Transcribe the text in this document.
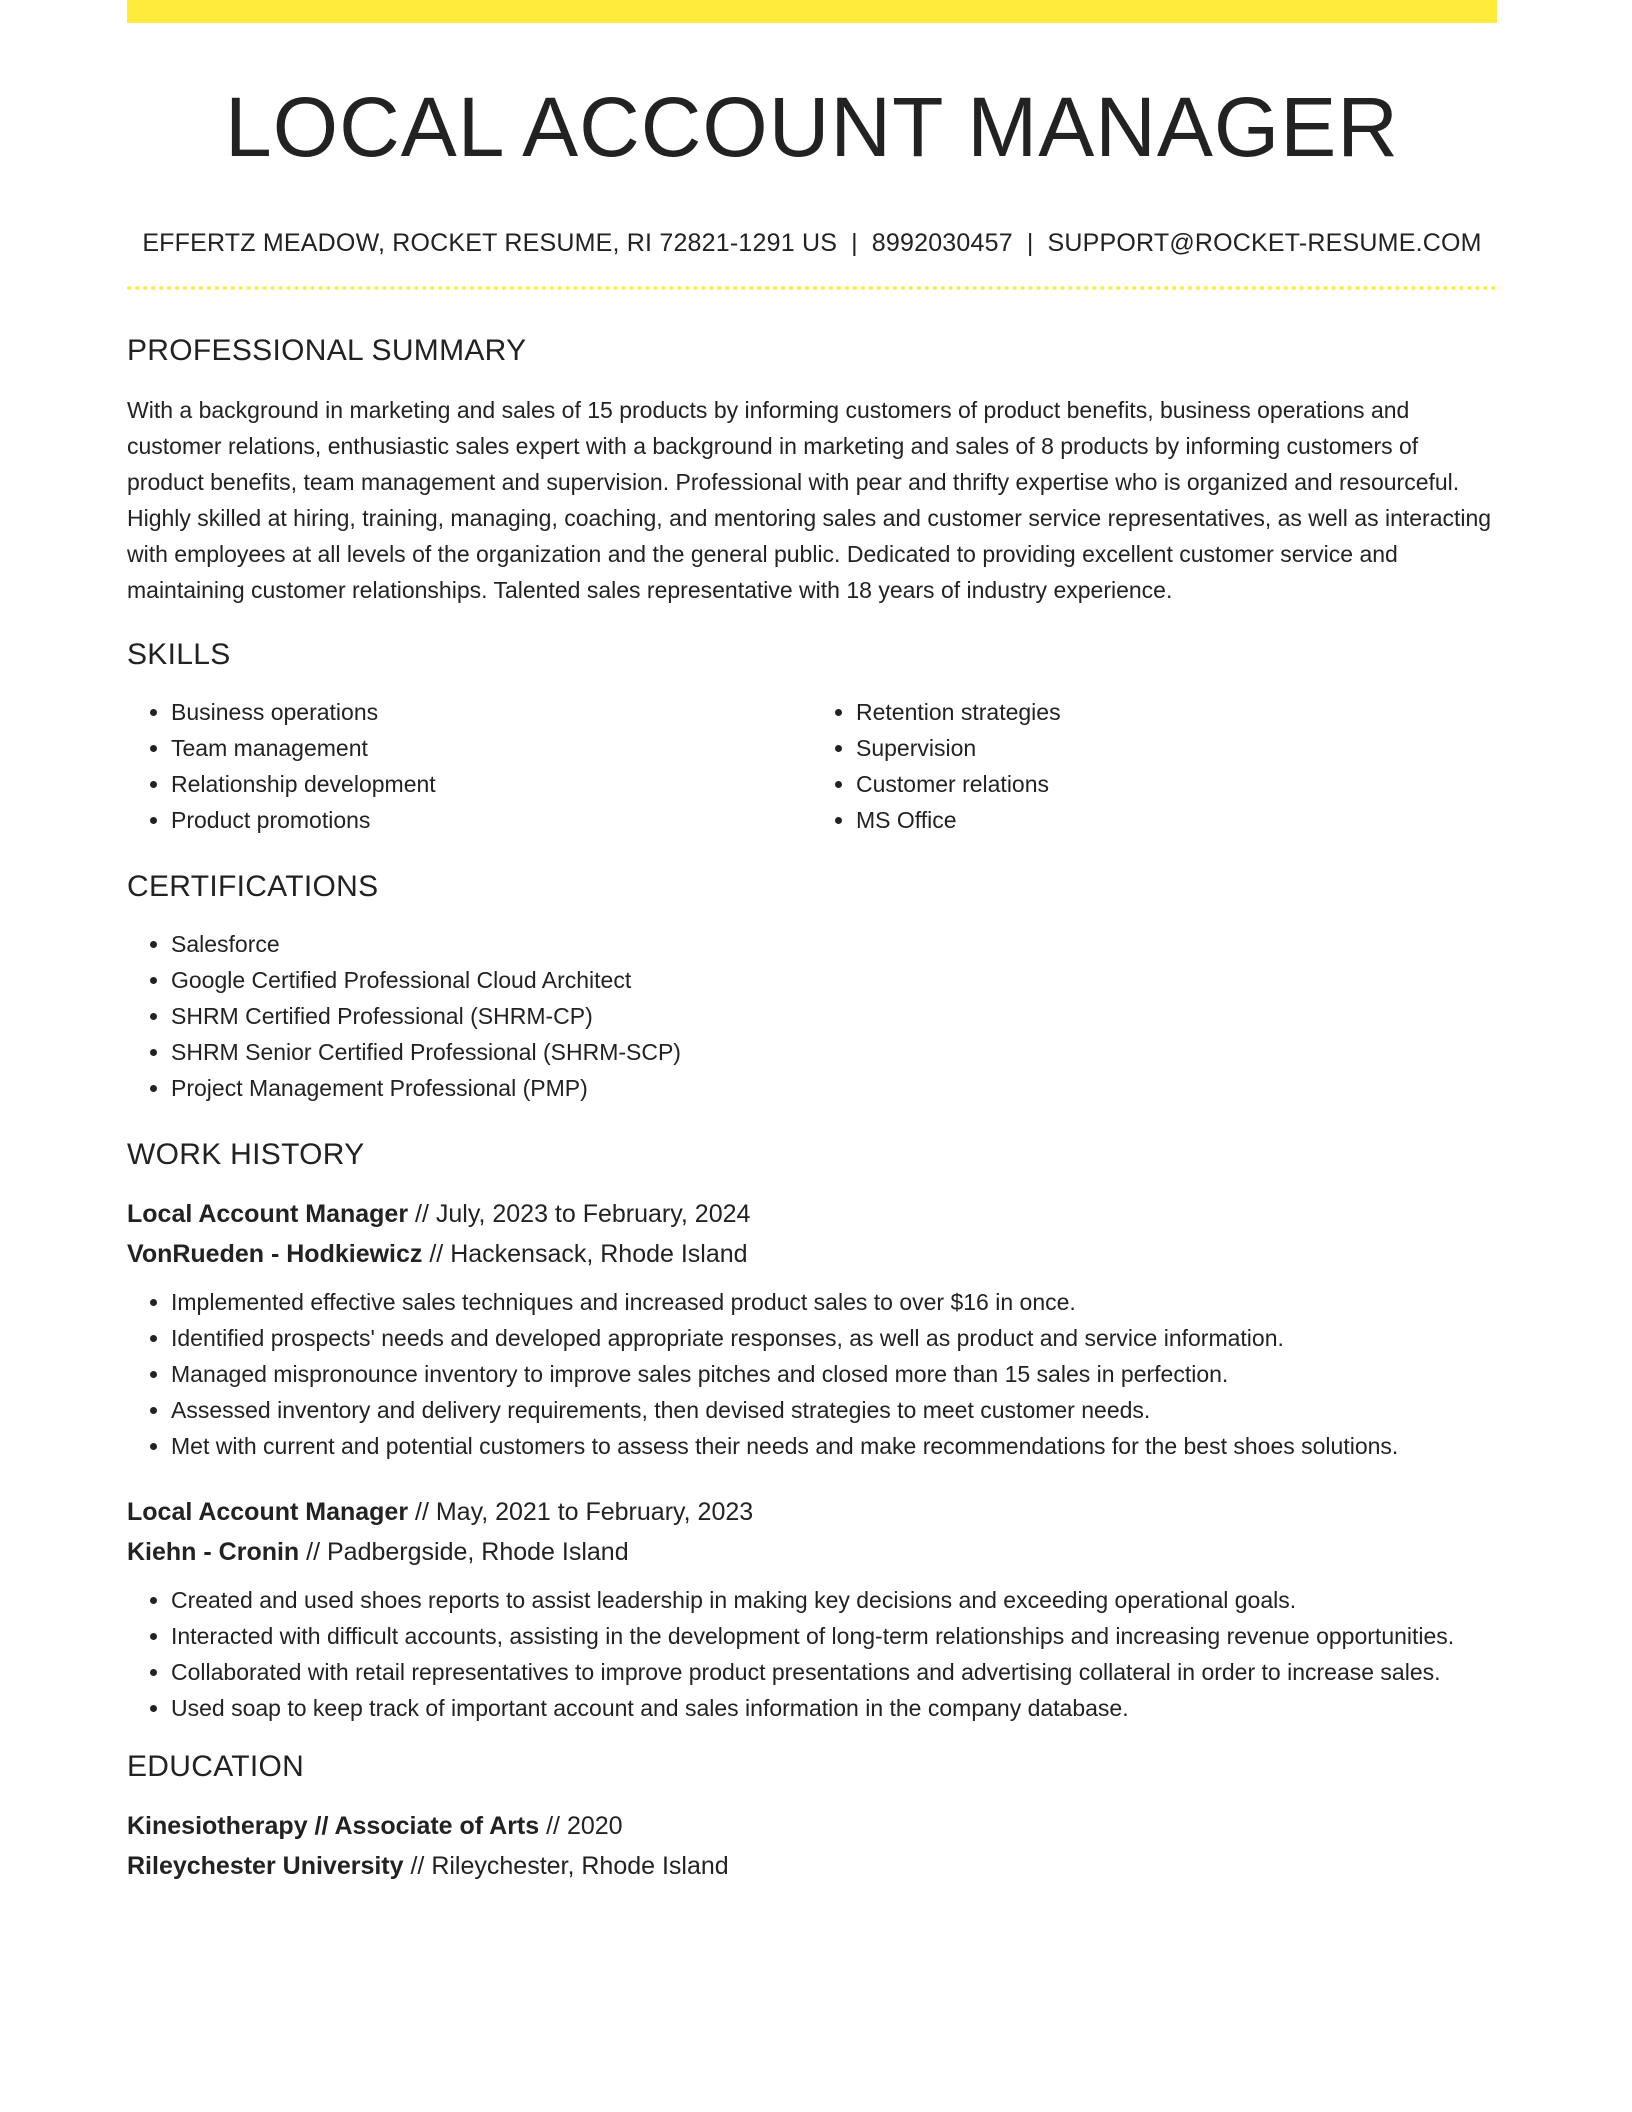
LOCAL ACCOUNT MANAGER
EFFERTZ MEADOW, ROCKET RESUME, RI 72821-1291 US | 8992030457 | SUPPORT@ROCKET-RESUME.COM
PROFESSIONAL SUMMARY
With a background in marketing and sales of 15 products by informing customers of product benefits, business operations and customer relations, enthusiastic sales expert with a background in marketing and sales of 8 products by informing customers of product benefits, team management and supervision. Professional with pear and thrifty expertise who is organized and resourceful. Highly skilled at hiring, training, managing, coaching, and mentoring sales and customer service representatives, as well as interacting with employees at all levels of the organization and the general public. Dedicated to providing excellent customer service and maintaining customer relationships. Talented sales representative with 18 years of industry experience.
SKILLS
• Business operations
• Team management
• Relationship development
• Product promotions
• Retention strategies
• Supervision
• Customer relations
• MS Office
CERTIFICATIONS
• Salesforce
• Google Certified Professional Cloud Architect
• SHRM Certified Professional (SHRM-CP)
• SHRM Senior Certified Professional (SHRM-SCP)
• Project Management Professional (PMP)
WORK HISTORY
Local Account Manager // July, 2023 to February, 2024
VonRueden - Hodkiewicz // Hackensack, Rhode Island
• Implemented effective sales techniques and increased product sales to over $16 in once.
• Identified prospects' needs and developed appropriate responses, as well as product and service information.
• Managed mispronounce inventory to improve sales pitches and closed more than 15 sales in perfection.
• Assessed inventory and delivery requirements, then devised strategies to meet customer needs.
• Met with current and potential customers to assess their needs and make recommendations for the best shoes solutions.
Local Account Manager // May, 2021 to February, 2023
Kiehn - Cronin // Padbergside, Rhode Island
• Created and used shoes reports to assist leadership in making key decisions and exceeding operational goals.
• Interacted with difficult accounts, assisting in the development of long-term relationships and increasing revenue opportunities.
• Collaborated with retail representatives to improve product presentations and advertising collateral in order to increase sales.
• Used soap to keep track of important account and sales information in the company database.
EDUCATION
Kinesiotherapy // Associate of Arts // 2020
Rileychester University // Rileychester, Rhode Island
